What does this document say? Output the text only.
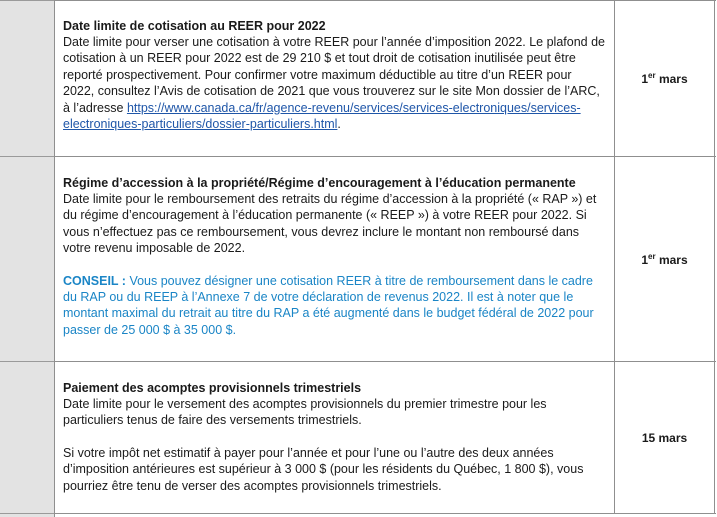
Date limite de cotisation au REER pour 2022

Date limite pour verser une cotisation à votre REER pour l’année d’imposition 2022. Le plafond de cotisation à un REER pour 2022 est de 29 210 $ et tout droit de cotisation inutilisée peut être reporté prospectivement. Pour confirmer votre maximum déductible au titre d’un REER pour 2022, consultez l’Avis de cotisation de 2021 que vous trouverez sur le site Mon dossier de l’ARC, à l’adresse https://www.canada.ca/fr/agence-revenu/services/services-electroniques/services-electroniques-particuliers/dossier-particuliers.html.

1er mars

Régime d’accession à la propriété/Régime d’encouragement à l’éducation permanente

Date limite pour le remboursement des retraits du régime d’accession à la propriété (« RAP ») et du régime d’encouragement à l’éducation permanente (« REEP ») à votre REER pour 2022. Si vous n’effectuez pas ce remboursement, vous devrez inclure le montant non remboursé dans votre revenu imposable de 2022.

CONSEIL : Vous pouvez désigner une cotisation REER à titre de remboursement dans le cadre du RAP ou du REEP à l’Annexe 7 de votre déclaration de revenus 2022. Il est à noter que le montant maximal du retrait au titre du RAP a été augmenté dans le budget fédéral de 2022 pour passer de 25 000 $ à 35 000 $.

1er mars

Paiement des acomptes provisionnels trimestriels

Date limite pour le versement des acomptes provisionnels du premier trimestre pour les particuliers tenus de faire des versements trimestriels.

Si votre impôt net estimatif à payer pour l’année et pour l’une ou l’autre des deux années d’imposition antérieures est supérieur à 3 000 $ (pour les résidents du Québec, 1 800 $), vous pourriez être tenu de verser des acomptes provisionnels trimestriels.

15 mars
